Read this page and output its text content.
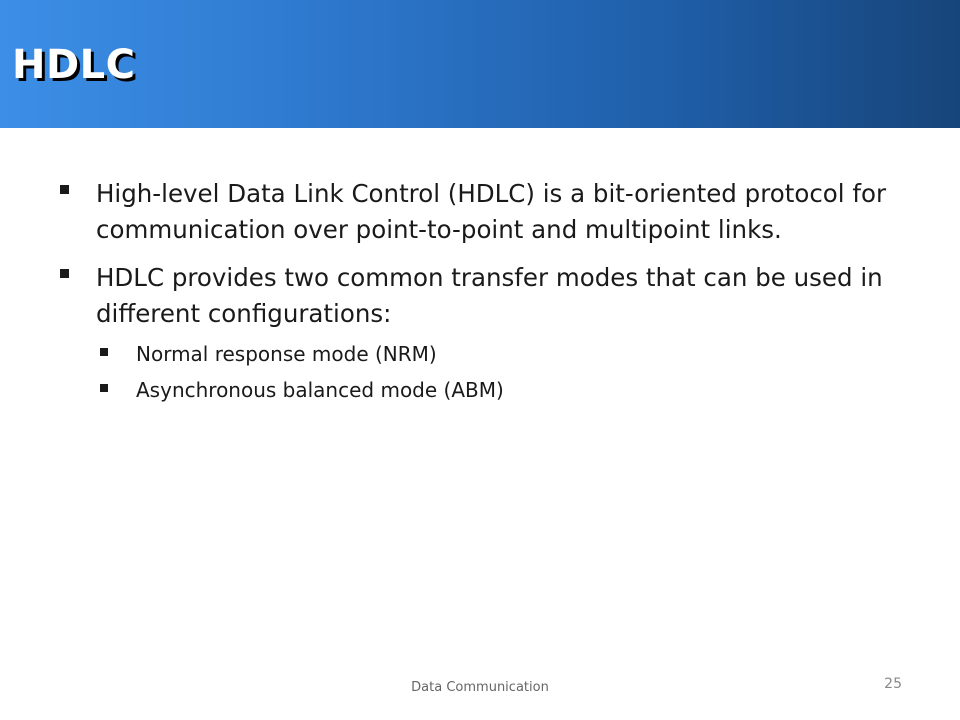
HDLC
High-level Data Link Control (HDLC) is a bit-oriented protocol for communication over point-to-point and multipoint links.
HDLC provides two common transfer modes that can be used in different configurations:
Normal response mode (NRM)
Asynchronous balanced mode (ABM)
Data Communication	25
